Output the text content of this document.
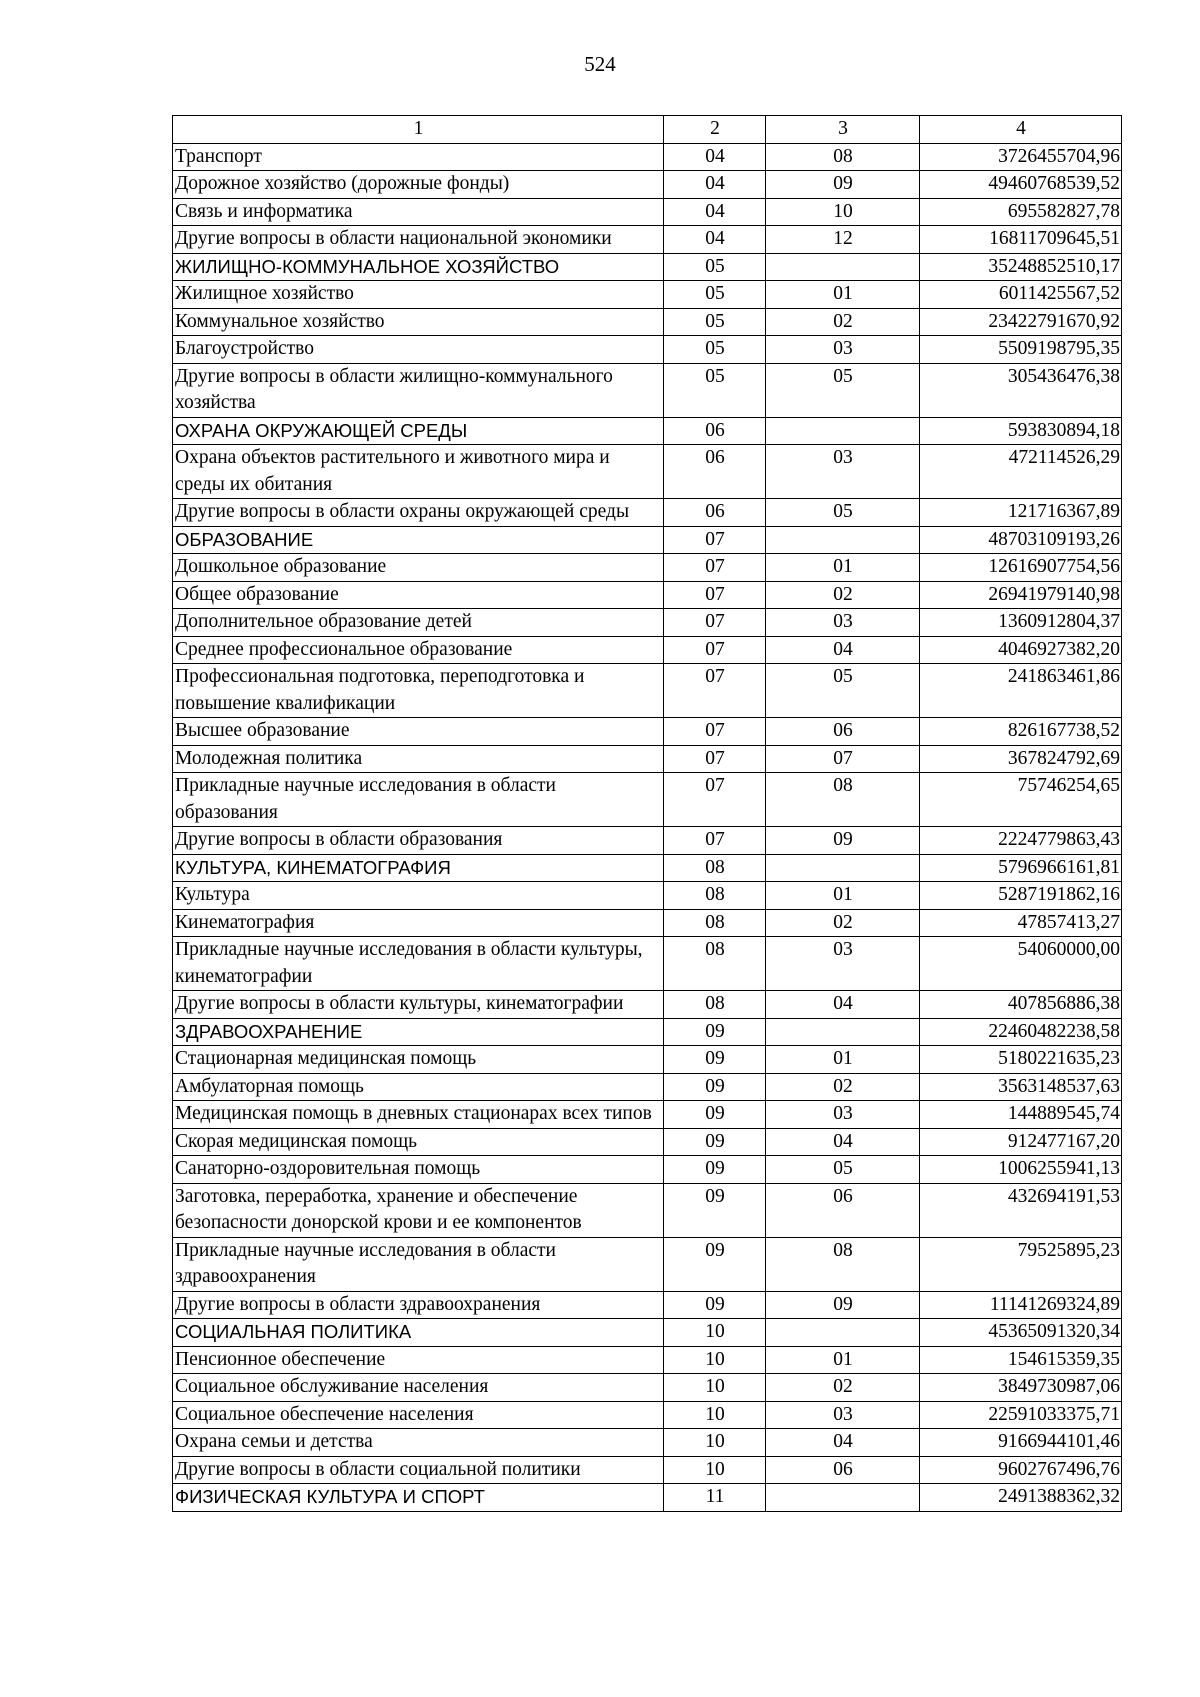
524
1	2	3	4
Транспорт	04	08	3726455704,96
Дорожное хозяйство (дорожные фонды)	04	09	49460768539,52
Связь и информатика	04	10	695582827,78
Другие вопросы в области национальной экономики	04	12	16811709645,51
ЖИЛИЩНО-КОММУНАЛЬНОЕ ХОЗЯЙСТВО	05		35248852510,17
Жилищное хозяйство	05	01	6011425567,52
Коммунальное хозяйство	05	02	23422791670,92
Благоустройство	05	03	5509198795,35
Другие вопросы в области жилищно-коммунального хозяйства	05	05	305436476,38
ОХРАНА ОКРУЖАЮЩЕЙ СРЕДЫ	06		593830894,18
Охрана объектов растительного и животного мира и среды их обитания	06	03	472114526,29
Другие вопросы в области охраны окружающей среды	06	05	121716367,89
ОБРАЗОВАНИЕ	07		48703109193,26
Дошкольное образование	07	01	12616907754,56
Общее образование	07	02	26941979140,98
Дополнительное образование детей	07	03	1360912804,37
Среднее профессиональное образование	07	04	4046927382,20
Профессиональная подготовка, переподготовка и повышение квалификации	07	05	241863461,86
Высшее образование	07	06	826167738,52
Молодежная политика	07	07	367824792,69
Прикладные научные исследования в области образования	07	08	75746254,65
Другие вопросы в области образования	07	09	2224779863,43
КУЛЬТУРА, КИНЕМАТОГРАФИЯ	08		5796966161,81
Культура	08	01	5287191862,16
Кинематография	08	02	47857413,27
Прикладные научные исследования в области культуры, кинематографии	08	03	54060000,00
Другие вопросы в области культуры, кинематографии	08	04	407856886,38
ЗДРАВООХРАНЕНИЕ	09		22460482238,58
Стационарная медицинская помощь	09	01	5180221635,23
Амбулаторная помощь	09	02	3563148537,63
Медицинская помощь в дневных стационарах всех типов	09	03	144889545,74
Скорая медицинская помощь	09	04	912477167,20
Санаторно-оздоровительная помощь	09	05	1006255941,13
Заготовка, переработка, хранение и обеспечение безопасности донорской крови и ее компонентов	09	06	432694191,53
Прикладные научные исследования в области здравоохранения	09	08	79525895,23
Другие вопросы в области здравоохранения	09	09	11141269324,89
СОЦИАЛЬНАЯ ПОЛИТИКА	10		45365091320,34
Пенсионное обеспечение	10	01	154615359,35
Социальное обслуживание населения	10	02	3849730987,06
Социальное обеспечение населения	10	03	22591033375,71
Охрана семьи и детства	10	04	9166944101,46
Другие вопросы в области социальной политики	10	06	9602767496,76
ФИЗИЧЕСКАЯ КУЛЬТУРА И СПОРТ	11		2491388362,32
